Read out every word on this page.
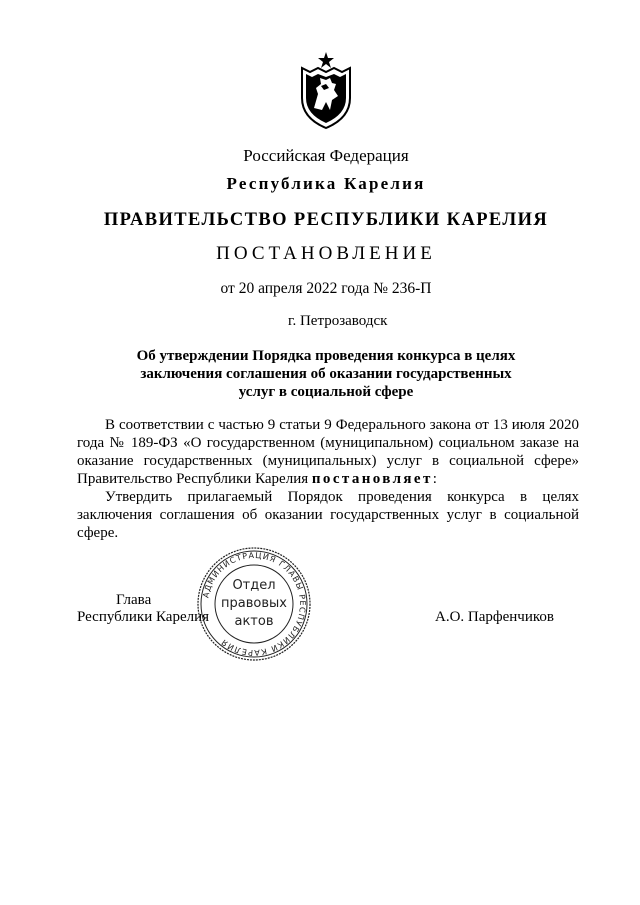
Российская Федерация
Республика Карелия
ПРАВИТЕЛЬСТВО РЕСПУБЛИКИ КАРЕЛИЯ
ПОСТАНОВЛЕНИЕ
от 20 апреля 2022 года № 236-П
г. Петрозаводск
Об утверждении Порядка проведения конкурса в целях
заключения соглашения об оказании государственных
услуг в социальной сфере
В соответствии с частью 9 статьи 9 Федерального закона от 13 июля 2020 года № 189-ФЗ «О государственном (муниципальном) социальном заказе на оказание государственных (муниципальных) услуг в социальной сфере» Правительство Республики Карелия постановляет:
Утвердить прилагаемый Порядок проведения конкурса в целях заключения соглашения об оказании государственных услуг в социальной сфере.
Глава
Республики Карелия	А.О. Парфенчиков
АДМИНИСТРАЦИЯ ГЛАВЫ РЕСПУБЛИКИ КАРЕЛИЯ
Отдел
правовых
актов
